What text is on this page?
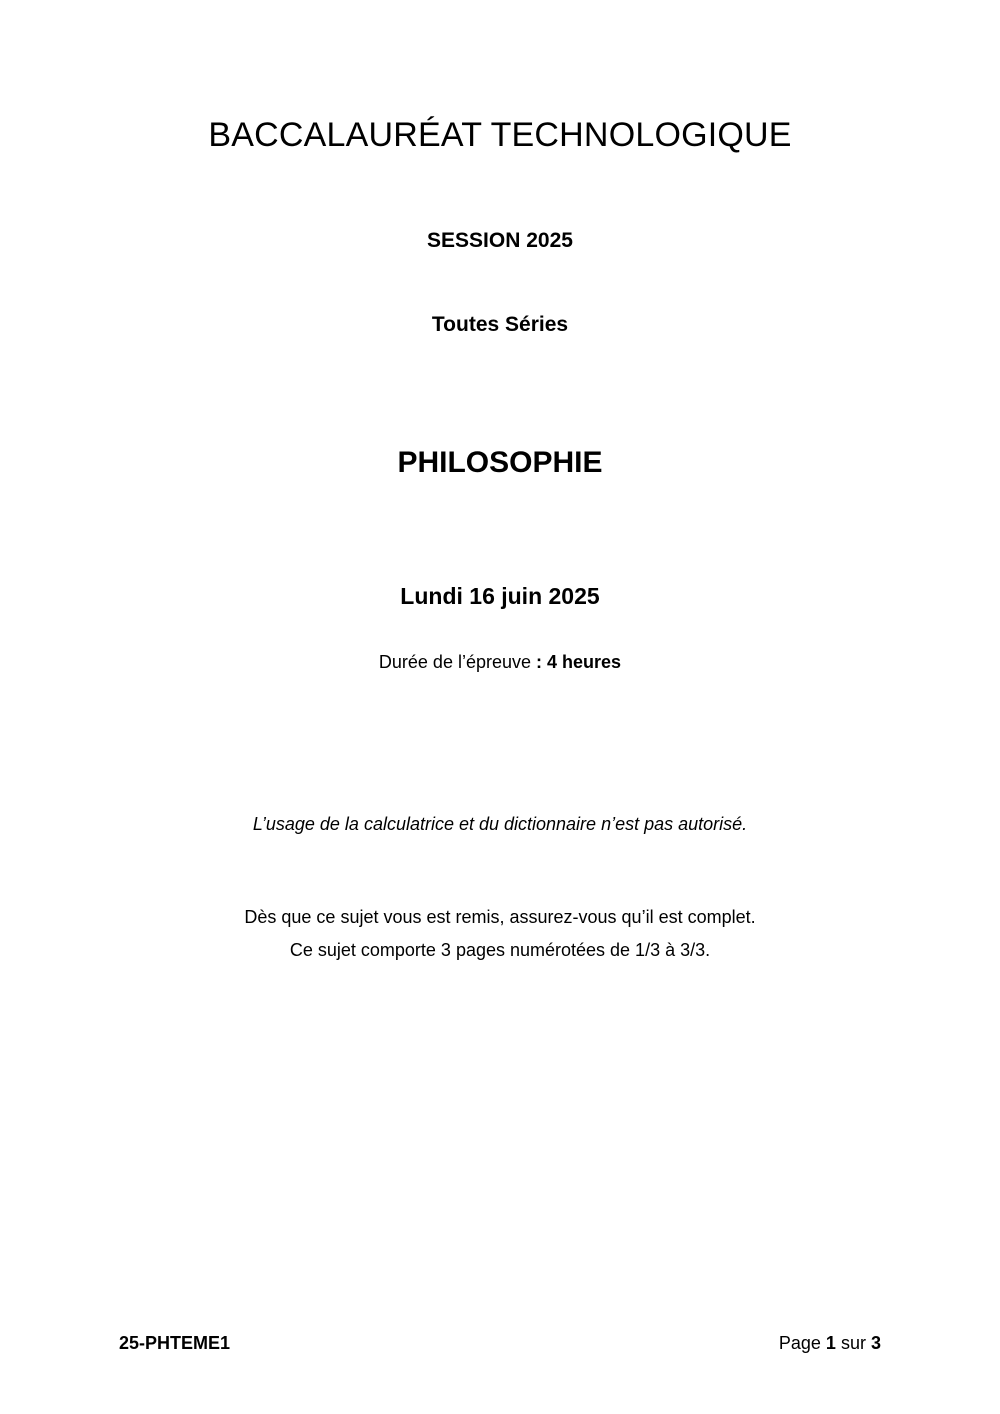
BACCALAURÉAT TECHNOLOGIQUE
SESSION 2025
Toutes Séries
PHILOSOPHIE
Lundi 16 juin 2025
Durée de l’épreuve : 4 heures
L’usage de la calculatrice et du dictionnaire n’est pas autorisé.
Dès que ce sujet vous est remis, assurez-vous qu’il est complet.
Ce sujet comporte 3 pages numérotées de 1/3 à 3/3.
25-PHTEME1	Page 1 sur 3
